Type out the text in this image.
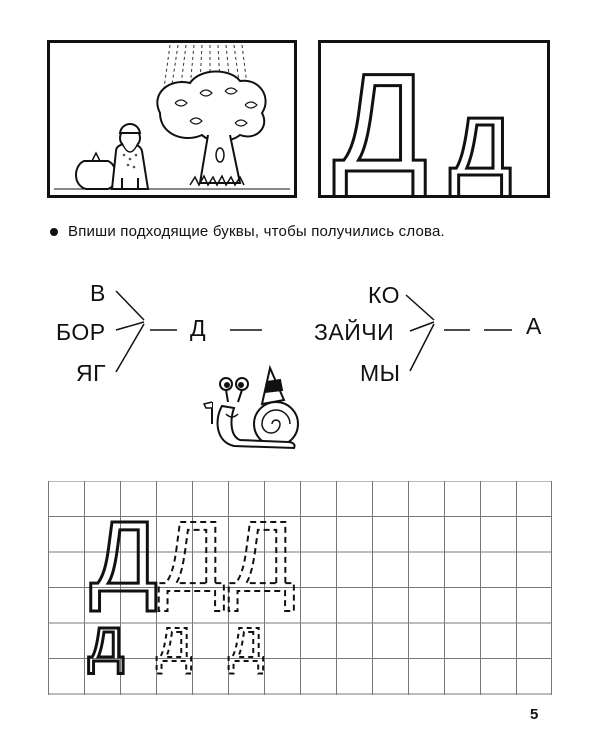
Д д
Впиши подходящие буквы, чтобы получились слова.
В
БОР
ЯГ
Д
КО
ЗАЙЧИ
МЫ
А
Д Д Д
д д д
5
